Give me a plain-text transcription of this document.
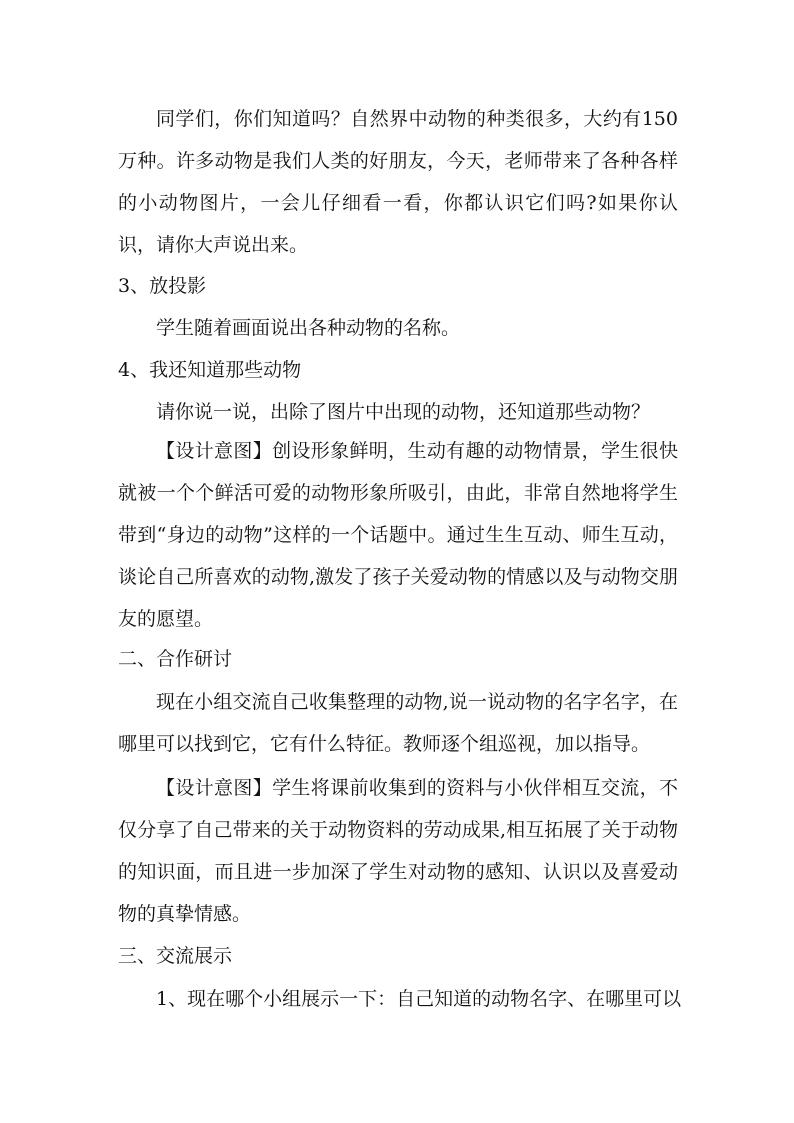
同学们，你们知道吗？自然界中动物的种类很多，大约有150万种。许多动物是我们人类的好朋友，今天，老师带来了各种各样的小动物图片，一会儿仔细看一看，你都认识它们吗?如果你认识，请你大声说出来。

3、放投影

学生随着画面说出各种动物的名称。

4、我还知道那些动物

请你说一说，出除了图片中出现的动物，还知道那些动物？

【设计意图】创设形象鲜明，生动有趣的动物情景，学生很快就被一个个鲜活可爱的动物形象所吸引，由此，非常自然地将学生带到“身边的动物”这样的一个话题中。通过生生互动、师生互动，谈论自己所喜欢的动物,激发了孩子关爱动物的情感以及与动物交朋友的愿望。

二、合作研讨

现在小组交流自己收集整理的动物,说一说动物的名字名字，在哪里可以找到它，它有什么特征。教师逐个组巡视，加以指导。

【设计意图】学生将课前收集到的资料与小伙伴相互交流，不仅分享了自己带来的关于动物资料的劳动成果,相互拓展了关于动物的知识面，而且进一步加深了学生对动物的感知、认识以及喜爱动物的真挚情感。

三、交流展示

1、现在哪个小组展示一下：自己知道的动物名字、在哪里可以
